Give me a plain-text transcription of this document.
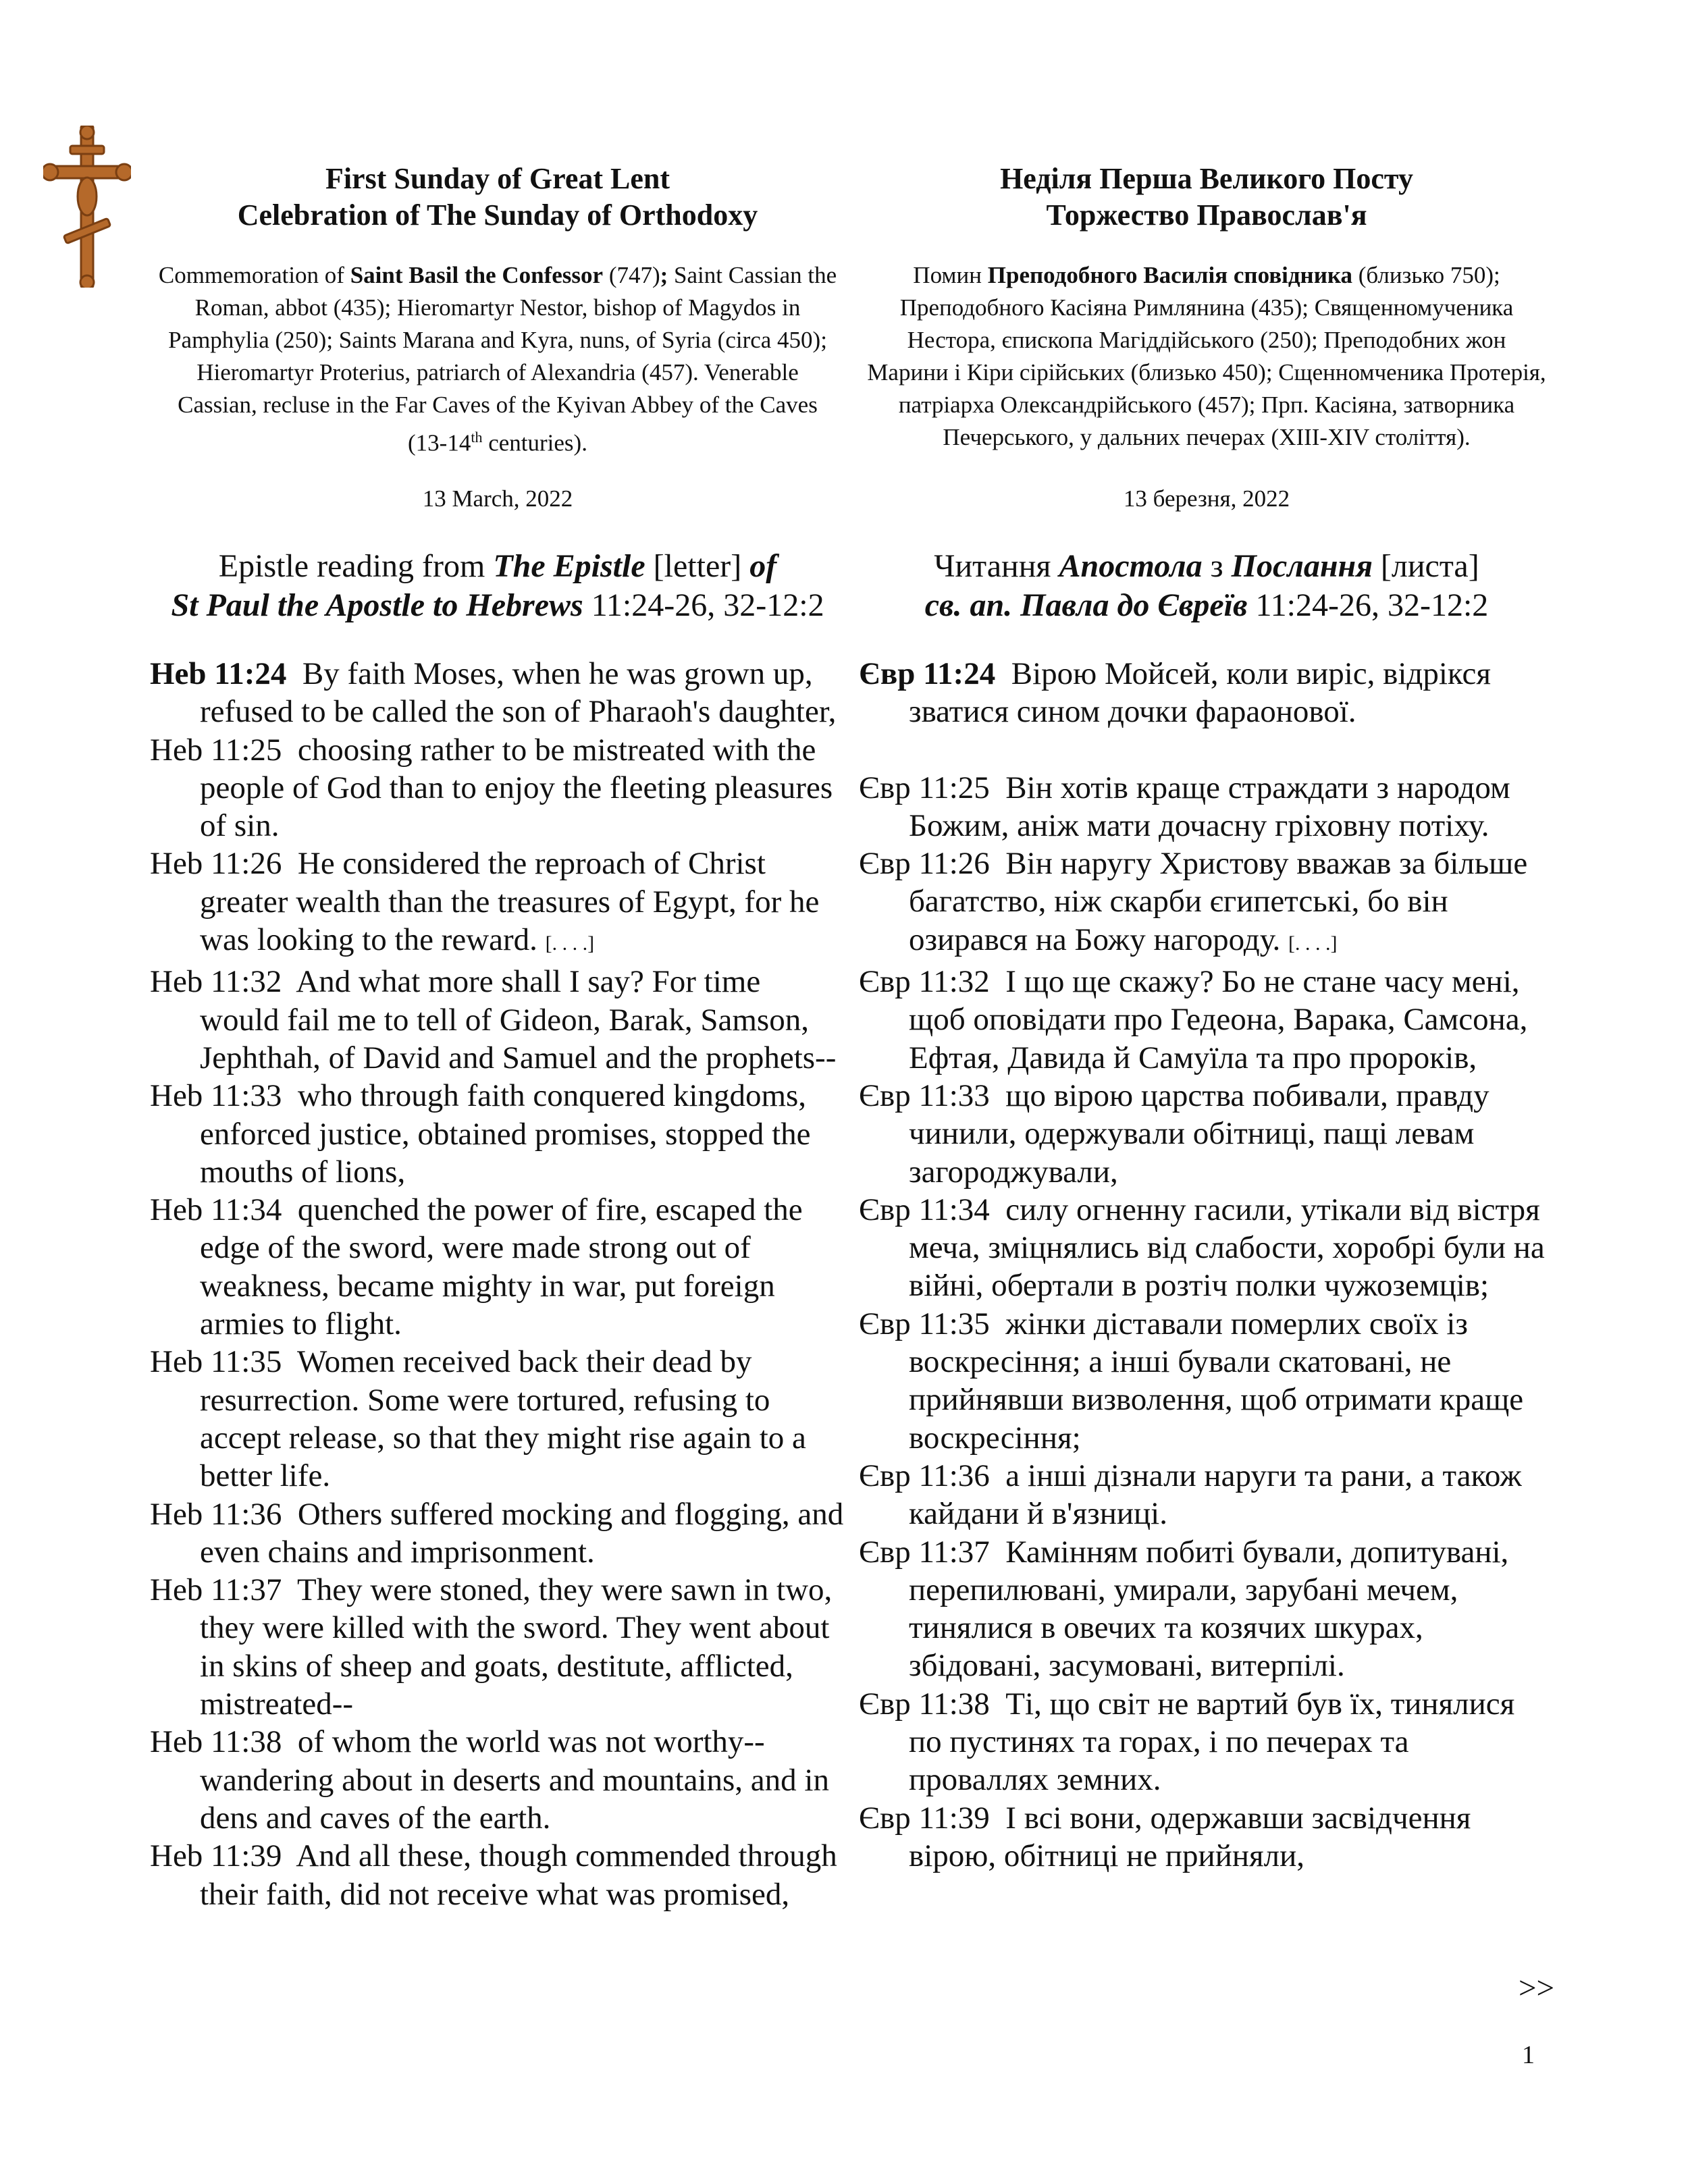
First Sunday of Great Lent
Celebration of The Sunday of Orthodoxy
Commemoration of Saint Basil the Confessor (747); Saint Cassian the Roman, abbot (435); Hieromartyr Nestor, bishop of Magydos in Pamphylia (250); Saints Marana and Kyra, nuns, of Syria (circa 450); Hieromartyr Proterius, patriarch of Alexandria (457). Venerable Cassian, recluse in the Far Caves of the Kyivan Abbey of the Caves (13-14th centuries).
13 March, 2022
Epistle reading from The Epistle [letter] of
St Paul the Apostle to Hebrews 11:24-26, 32-12:2

Heb 11:24 By faith Moses, when he was grown up, refused to be called the son of Pharaoh's daughter,

Heb 11:25 choosing rather to be mistreated with the people of God than to enjoy the fleeting pleasures of sin.

Heb 11:26 He considered the reproach of Christ greater wealth than the treasures of Egypt, for he was looking to the reward. [. . . .]

Heb 11:32 And what more shall I say? For time would fail me to tell of Gideon, Barak, Samson, Jephthah, of David and Samuel and the prophets--

Heb 11:33 who through faith conquered kingdoms, enforced justice, obtained promises, stopped the mouths of lions,

Heb 11:34 quenched the power of fire, escaped the edge of the sword, were made strong out of weakness, became mighty in war, put foreign armies to flight.

Heb 11:35 Women received back their dead by resurrection. Some were tortured, refusing to accept release, so that they might rise again to a better life.

Heb 11:36 Others suffered mocking and flogging, and even chains and imprisonment.

Heb 11:37 They were stoned, they were sawn in two, they were killed with the sword. They went about in skins of sheep and goats, destitute, afflicted, mistreated--

Heb 11:38 of whom the world was not worthy--wandering about in deserts and mountains, and in dens and caves of the earth.

Heb 11:39 And all these, though commended through their faith, did not receive what was promised,

Неділя Перша Великого Посту
Торжество Православ'я
Помин Преподобного Василія сповідника (близько 750); Преподобного Касіяна Римлянина (435); Священномученика Нестора, єпископа Магіддійського (250); Преподобних жон Марини і Кіри сірійських (близько 450); Сщенномченика Протерія, патріарха Олександрійського (457); Прп. Касіяна, затворника Печерського, у дальних печерах (ХІІІ-XIV століття).
13 березня, 2022
Читання Апостола з Послання [листа]
св. ап. Павла до Євреїв 11:24-26, 32-12:2

Євр 11:24 Вірою Мойсей, коли виріс, відрікся зватися сином дочки фараонової.

Євр 11:25 Він хотів краще страждати з народом Божим, аніж мати дочасну гріховну потіху.

Євр 11:26 Він наругу Христову вважав за більше багатство, ніж скарби єгипетські, бо він озирався на Божу нагороду. [. . . .]

Євр 11:32 І що ще скажу? Бо не стане часу мені, щоб оповідати про Гедеона, Варака, Самсона, Ефтая, Давида й Самуїла та про пророків,

Євр 11:33 що вірою царства побивали, правду чинили, одержували обітниці, пащі левам загороджували,

Євр 11:34 силу огненну гасили, утікали від вістря меча, зміцнялись від слабости, хоробрі були на війні, обертали в розтіч полки чужоземців;

Євр 11:35 жінки діставали померлих своїх із воскресіння; а інші бували скатовані, не прийнявши визволення, щоб отримати краще воскресіння;

Євр 11:36 а інші дізнали наруги та рани, а також кайдани й в'язниці.

Євр 11:37 Камінням побиті бували, допитувані, перепилювані, умирали, зарубані мечем, тинялися в овечих та козячих шкурах, збідовані, засумовані, витерпілі.

Євр 11:38 Ті, що світ не вартий був їх, тинялися по пустинях та горах, і по печерах та проваллях земних.

Євр 11:39 І всі вони, одержавши засвідчення вірою, обітниці не прийняли,

>>
1
